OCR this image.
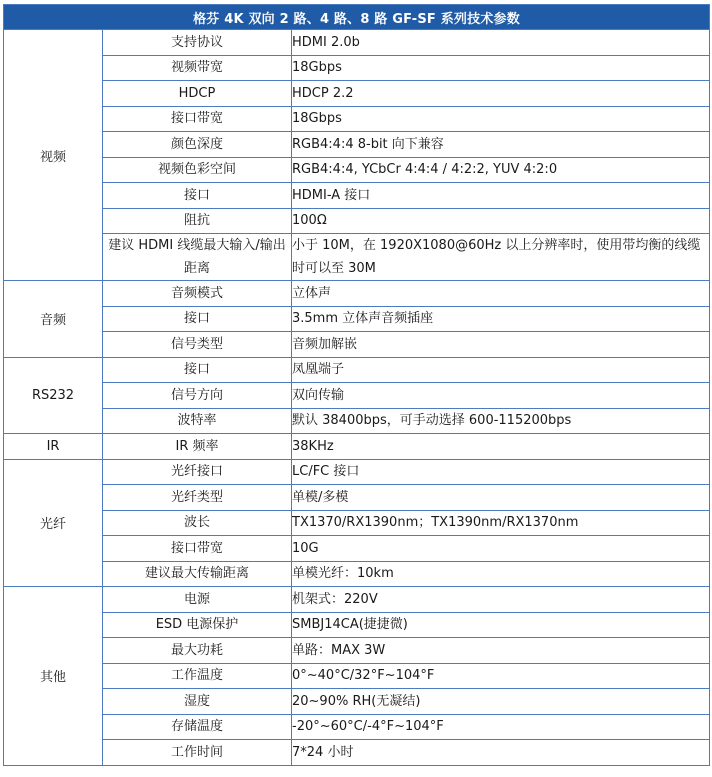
格芬 4K 双向 2 路、4 路、8 路 GF-SF 系列技术参数		
视频	支持协议	HDMI 2.0b
	视频带宽	18Gbps
	HDCP	HDCP 2.2
	接口带宽	18Gbps
	颜色深度	RGB4:4:4 8-bit 向下兼容
	视频色彩空间	RGB4:4:4, YCbCr 4:4:4 / 4:2:2, YUV 4:2:0
	接口	HDMI-A 接口
	阻抗	100Ω
	建议 HDMI 线缆最大输入/输出距离	小于 10M，在 1920X1080@60Hz 以上分辨率时，使用带均衡的线缆时可以至 30M
音频	音频模式	立体声
	接口	3.5mm 立体声音频插座
	信号类型	音频加解嵌
RS232	接口	凤凰端子
	信号方向	双向传输
	波特率	默认 38400bps，可手动选择 600-115200bps
IR	IR 频率	38KHz
光纤	光纤接口	LC/FC 接口
	光纤类型	单模/多模
	波长	TX1370/RX1390nm；TX1390nm/RX1370nm
	接口带宽	10G
	建议最大传输距离	单模光纤：10km
其他	电源	机架式：220V
	ESD 电源保护	SMBJ14CA(捷捷微)
	最大功耗	单路：MAX 3W
	工作温度	0°~40°C/32°F~104°F
	湿度	20~90% RH(无凝结)
	存储温度	-20°~60°C/-4°F~104°F
	工作时间	7*24 小时
